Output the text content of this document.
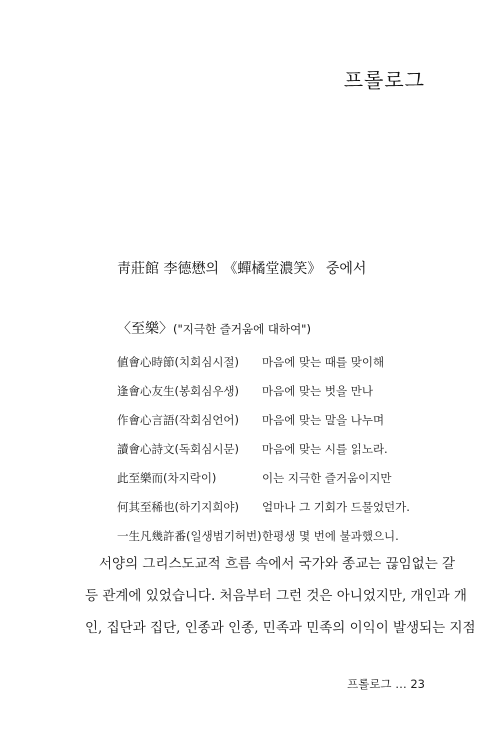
프롤로그
靑莊館 李德懋의 《蟬橘堂濃笑》 중에서
〈至樂〉("지극한 즐거움에 대하여")
値會心時節(치회심시절)	마음에 맞는 때를 맞이해
逢會心友生(봉회심우생)	마음에 맞는 벗을 만나
作會心言語(작회심언어)	마음에 맞는 말을 나누며
讀會心詩文(독회심시문)	마음에 맞는 시를 읽노라.
此至樂而(차지락이)	이는 지극한 즐거움이지만
何其至稀也(하기지희야)	얼마나 그 기회가 드물었던가.
一生凡幾許番(일생범기허번) 한평생 몇 번에 불과했으니.
서양의 그리스도교적 흐름 속에서 국가와 종교는 끊임없는 갈
등 관계에 있었습니다. 처음부터 그런 것은 아니었지만, 개인과 개
인, 집단과 집단, 인종과 인종, 민족과 민족의 이익이 발생되는 지점
프롤로그 … 23
